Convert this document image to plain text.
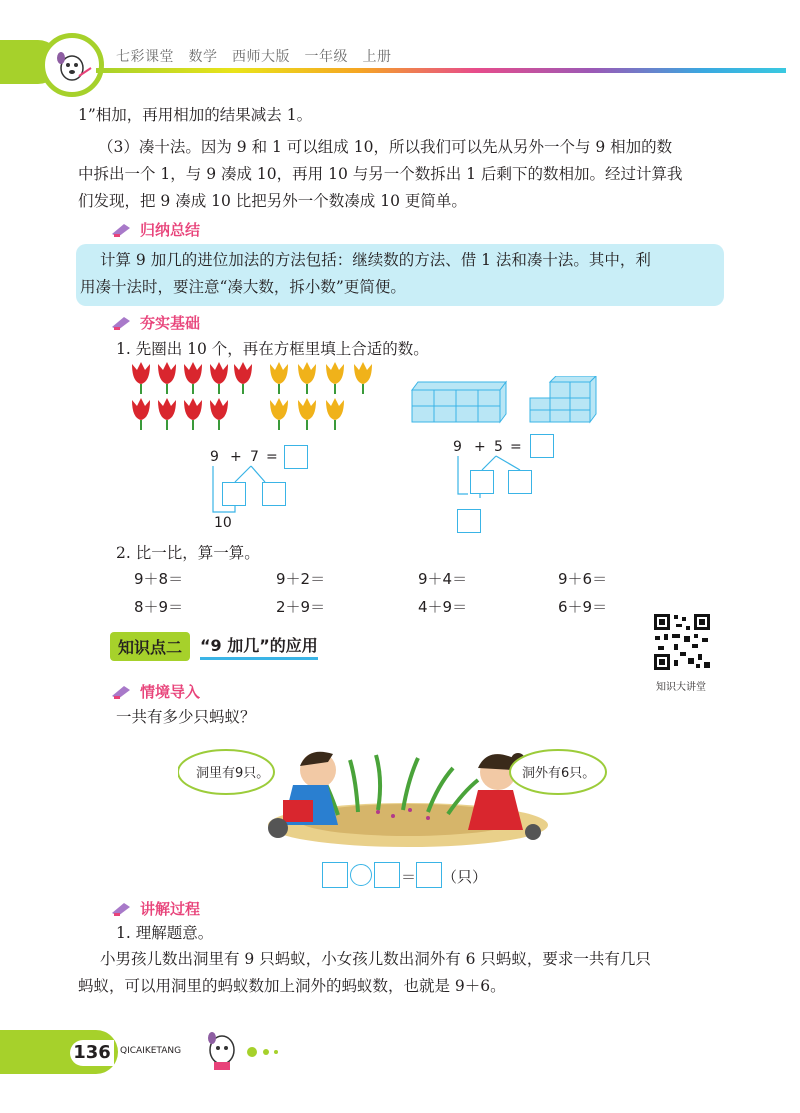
七彩课堂　数学　西师大版　一年级　上册
1”相加，再用相加的结果减去 1。
（3）凑十法。因为 9 和 1 可以组成 10，所以我们可以先从另外一个与 9 相加的数
中拆出一个 1，与 9 凑成 10，再用 10 与另一个数拆出 1 后剩下的数相加。经过计算我
们发现，把 9 凑成 10 比把另外一个数凑成 10 更简单。
归纳总结
计算 9 加几的进位加法的方法包括：继续数的方法、借 1 法和凑十法。其中，利
用凑十法时，要注意“凑大数，拆小数”更简便。
夯实基础
1. 先圈出 10 个，再在方框里填上合适的数。
9 + 7 =
10
9 + 5 =
2. 比一比，算一算。
9＋8＝	9＋2＝	9＋4＝	9＋6＝
8＋9＝	2＋9＝	4＋9＝	6＋9＝
知识点二	“9 加几”的应用
知识大讲堂
情境导入
一共有多少只蚂蚁？
洞里有9只。	洞外有6只。
＝ （只）
讲解过程
1. 理解题意。
小男孩儿数出洞里有 9 只蚂蚁，小女孩儿数出洞外有 6 只蚂蚁，要求一共有几只
蚂蚁，可以用洞里的蚂蚁数加上洞外的蚂蚁数，也就是 9＋6。
136	QICAIKETANG
